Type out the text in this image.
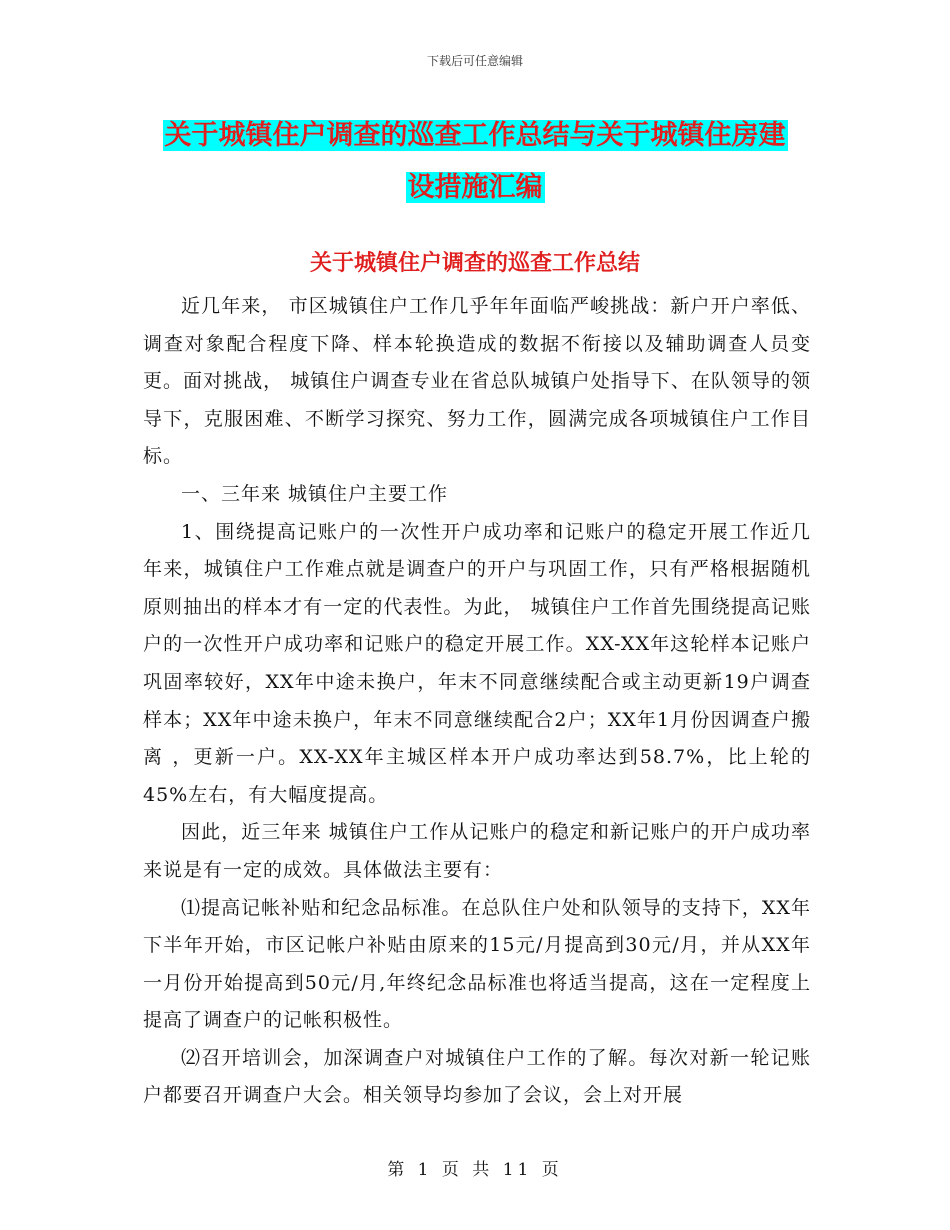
下载后可任意编辑
关于城镇住户调查的巡查工作总结与关于城镇住房建
设措施汇编
关于城镇住户调查的巡查工作总结

近几年来， 市区城镇住户工作几乎年年面临严峻挑战：新户开户率低、调查对象配合程度下降、样本轮换造成的数据不衔接以及辅助调查人员变更。面对挑战， 城镇住户调查专业在省总队城镇户处指导下、在队领导的领导下，克服困难、不断学习探究、努力工作，圆满完成各项城镇住户工作目标。

一、三年来 城镇住户主要工作

1、围绕提高记账户的一次性开户成功率和记账户的稳定开展工作近几年来，城镇住户工作难点就是调查户的开户与巩固工作，只有严格根据随机原则抽出的样本才有一定的代表性。为此， 城镇住户工作首先围绕提高记账户的一次性开户成功率和记账户的稳定开展工作。XX-XX年这轮样本记账户巩固率较好，XX年中途未换户，年末不同意继续配合或主动更新19户调查样本；XX年中途未换户，年末不同意继续配合2户；XX年1月份因调查户搬离 ，更新一户。XX-XX年主城区样本开户成功率达到58.7%，比上轮的45%左右，有大幅度提高。

因此，近三年来 城镇住户工作从记账户的稳定和新记账户的开户成功率来说是有一定的成效。具体做法主要有：

⑴提高记帐补贴和纪念品标准。在总队住户处和队领导的支持下，XX年下半年开始，市区记帐户补贴由原来的15元/月提高到30元/月，并从XX年一月份开始提高到50元/月,年终纪念品标准也将适当提高，这在一定程度上提高了调查户的记帐积极性。

⑵召开培训会，加深调查户对城镇住户工作的了解。每次对新一轮记账户都要召开调查户大会。相关领导均参加了会议，会上对开展

第 1 页 共 11 页
